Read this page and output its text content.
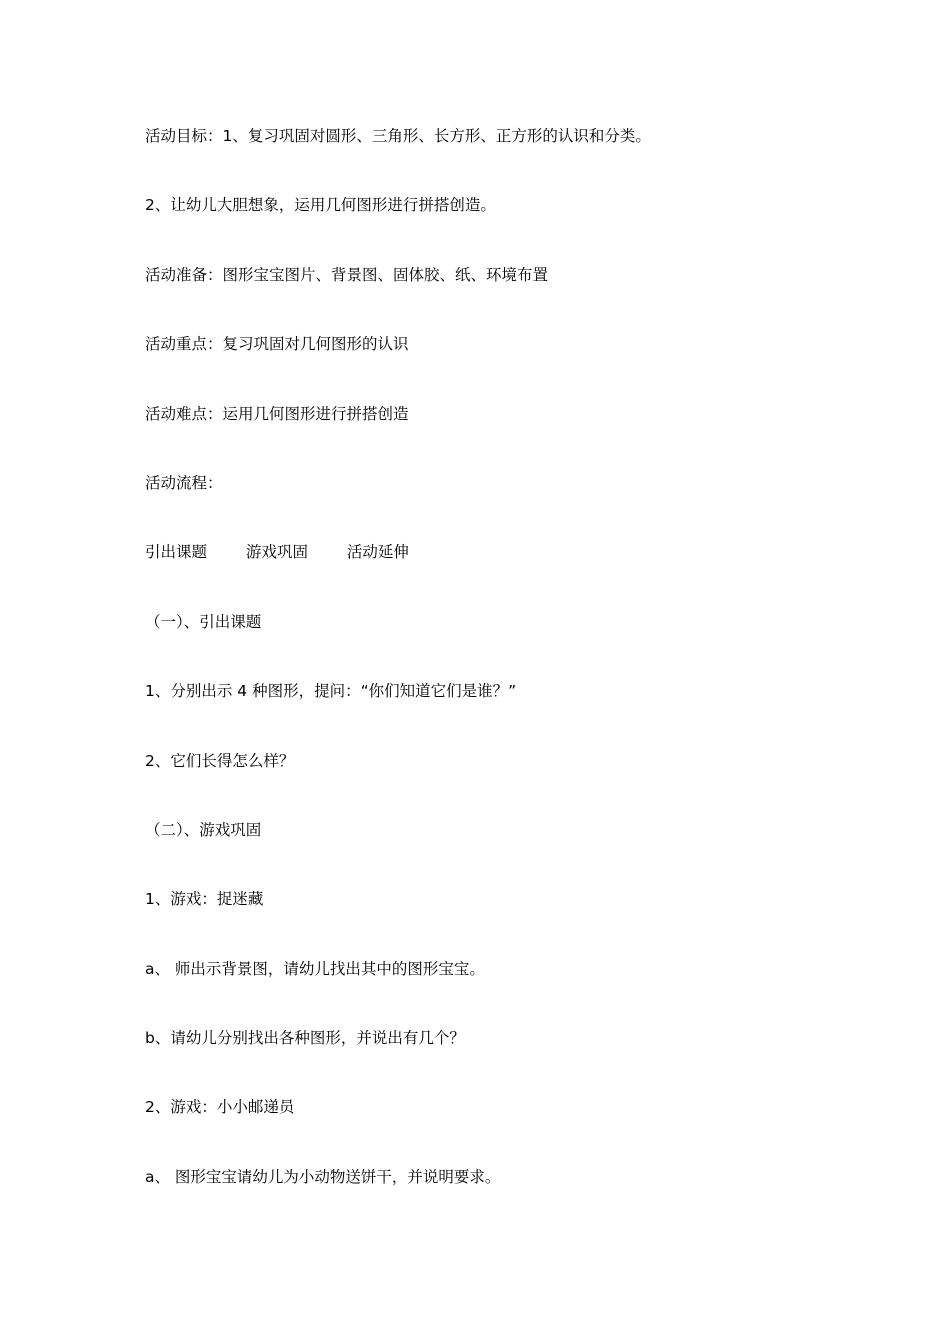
活动目标：1、复习巩固对圆形、三角形、长方形、正方形的认识和分类。
2、让幼儿大胆想象，运用几何图形进行拼搭创造。
活动准备：图形宝宝图片、背景图、固体胶、纸、环境布置
活动重点：复习巩固对几何图形的认识
活动难点：运用几何图形进行拼搭创造
活动流程：
引出课题	游戏巩固	活动延伸
（一）、引出课题
1、分别出示 4 种图形，提问：“你们知道它们是谁？”
2、它们长得怎么样？
（二）、游戏巩固
1、游戏：捉迷藏
a、 师出示背景图，请幼儿找出其中的图形宝宝。
b、请幼儿分别找出各种图形，并说出有几个？
2、游戏：小小邮递员
a、 图形宝宝请幼儿为小动物送饼干，并说明要求。
